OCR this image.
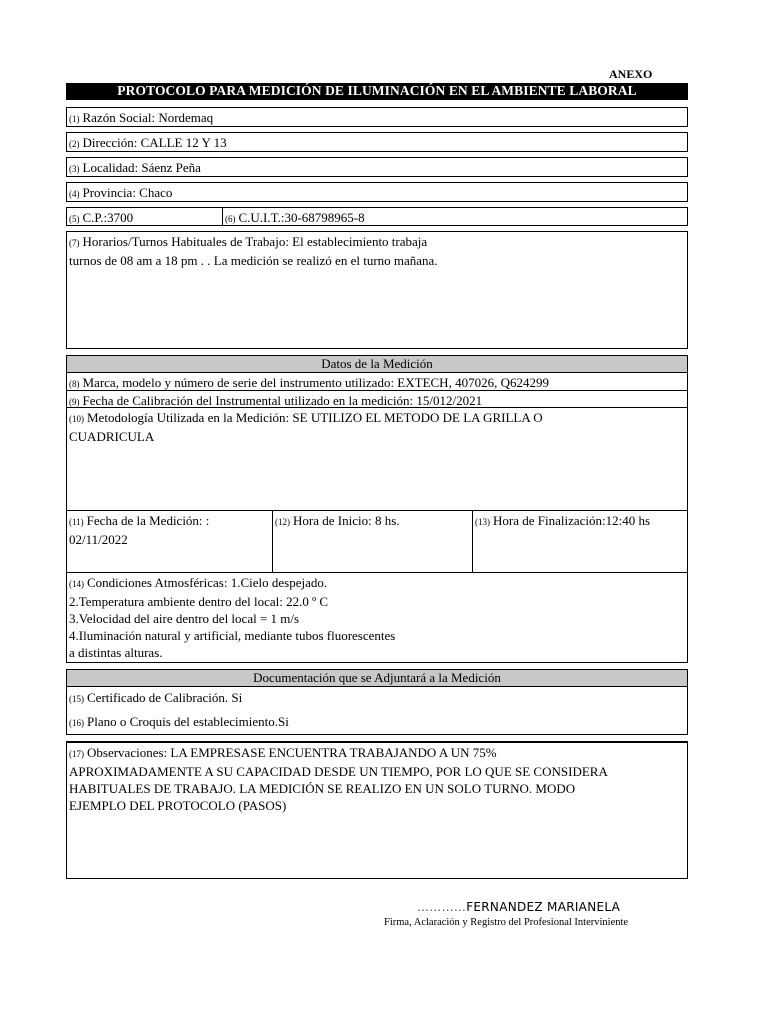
ANEXO
PROTOCOLO PARA MEDICIÓN DE ILUMINACIÓN EN EL AMBIENTE LABORAL
(1) Razón Social: Nordemaq
(2) Dirección: CALLE 12 Y 13
(3) Localidad: Sáenz Peña
(4) Provincia: Chaco
(5) C.P.:3700	(6) C.U.I.T.:30-68798965-8
(7) Horarios/Turnos Habituales de Trabajo: El establecimiento trabaja
turnos de 08 am a 18 pm . . La medición se realizó en el turno mañana.
Datos de la Medición
(8) Marca, modelo y número de serie del instrumento utilizado: EXTECH, 407026, Q624299
(9) Fecha de Calibración del Instrumental utilizado en la medición: 15/012/2021
(10) Metodología Utilizada en la Medición: SE UTILIZO EL METODO DE LA GRILLA O
CUADRICULA
(11) Fecha de la Medición: :
02/11/2022
(12) Hora de Inicio: 8 hs.	(13) Hora de Finalización:12:40 hs
(14) Condiciones Atmosféricas: 1.Cielo despejado.
2.Temperatura ambiente dentro del local: 22.0 º C
3.Velocidad del aire dentro del local = 1 m/s
4.Iluminación natural y artificial, mediante tubos fluorescentes
a distintas alturas.
Documentación que se Adjuntará a la Medición
(15) Certificado de Calibración. Si
(16) Plano o Croquis del establecimiento.Si
(17) Observaciones: LA EMPRESASE ENCUENTRA TRABAJANDO A UN 75%
APROXIMADAMENTE A SU CAPACIDAD DESDE UN TIEMPO, POR LO QUE SE CONSIDERA
HABITUALES DE TRABAJO. LA MEDICIÓN SE REALIZO EN UN SOLO TURNO. MODO
EJEMPLO DEL PROTOCOLO (PASOS)
…………FERNANDEZ MARIANELA
Firma, Aclaración y Registro del Profesional Interviniente
